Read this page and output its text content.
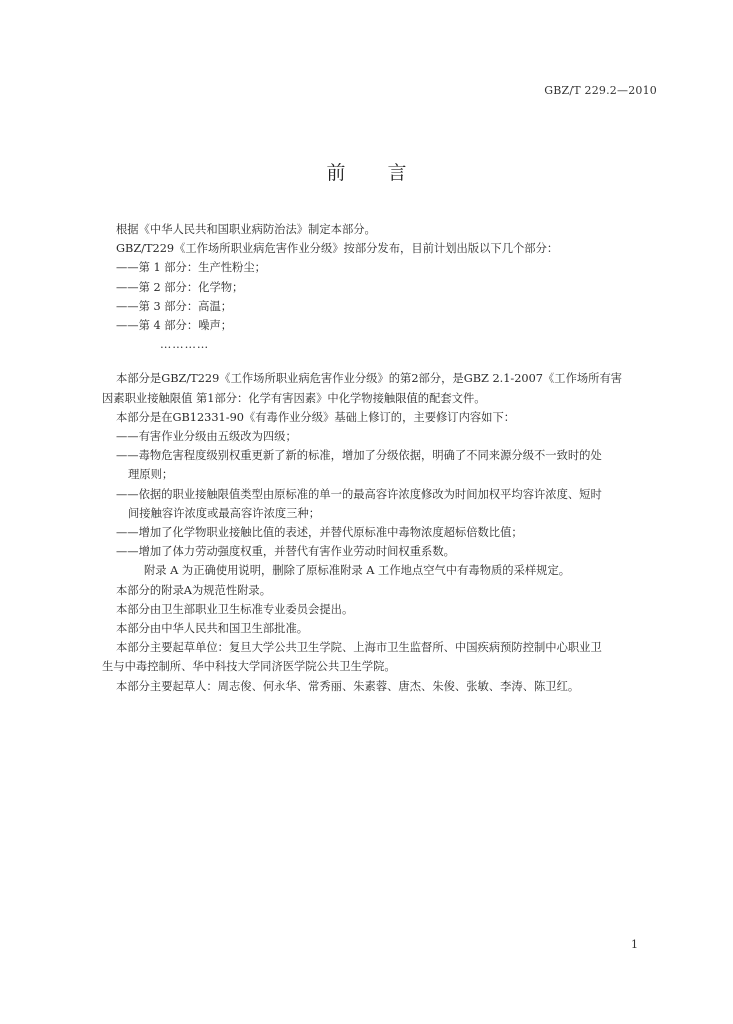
GBZ/T 229.2—2010
前言
根据《中华人民共和国职业病防治法》制定本部分。
GBZ/T229《工作场所职业病危害作业分级》按部分发布，目前计划出版以下几个部分：
——第 1 部分：生产性粉尘；
——第 2 部分：化学物；
——第 3 部分：高温；
——第 4 部分：噪声；
…………
本部分是GBZ/T229《工作场所职业病危害作业分级》的第2部分，是GBZ 2.1-2007《工作场所有害
因素职业接触限值 第1部分：化学有害因素》中化学物接触限值的配套文件。
本部分是在GB12331-90《有毒作业分级》基础上修订的，主要修订内容如下：
——有害作业分级由五级改为四级；
——毒物危害程度级别权重更新了新的标准，增加了分级依据，明确了不同来源分级不一致时的处
理原则；
——依据的职业接触限值类型由原标准的单一的最高容许浓度修改为时间加权平均容许浓度、短时
间接触容许浓度或最高容许浓度三种；
——增加了化学物职业接触比值的表述，并替代原标准中毒物浓度超标倍数比值；
——增加了体力劳动强度权重，并替代有害作业劳动时间权重系数。
附录 A 为正确使用说明，删除了原标准附录 A 工作地点空气中有毒物质的采样规定。
本部分的附录A为规范性附录。
本部分由卫生部职业卫生标准专业委员会提出。
本部分由中华人民共和国卫生部批准。
本部分主要起草单位：复旦大学公共卫生学院、上海市卫生监督所、中国疾病预防控制中心职业卫
生与中毒控制所、华中科技大学同济医学院公共卫生学院。
本部分主要起草人：周志俊、何永华、常秀丽、朱素蓉、唐杰、朱俊、张敏、李涛、陈卫红。
1
